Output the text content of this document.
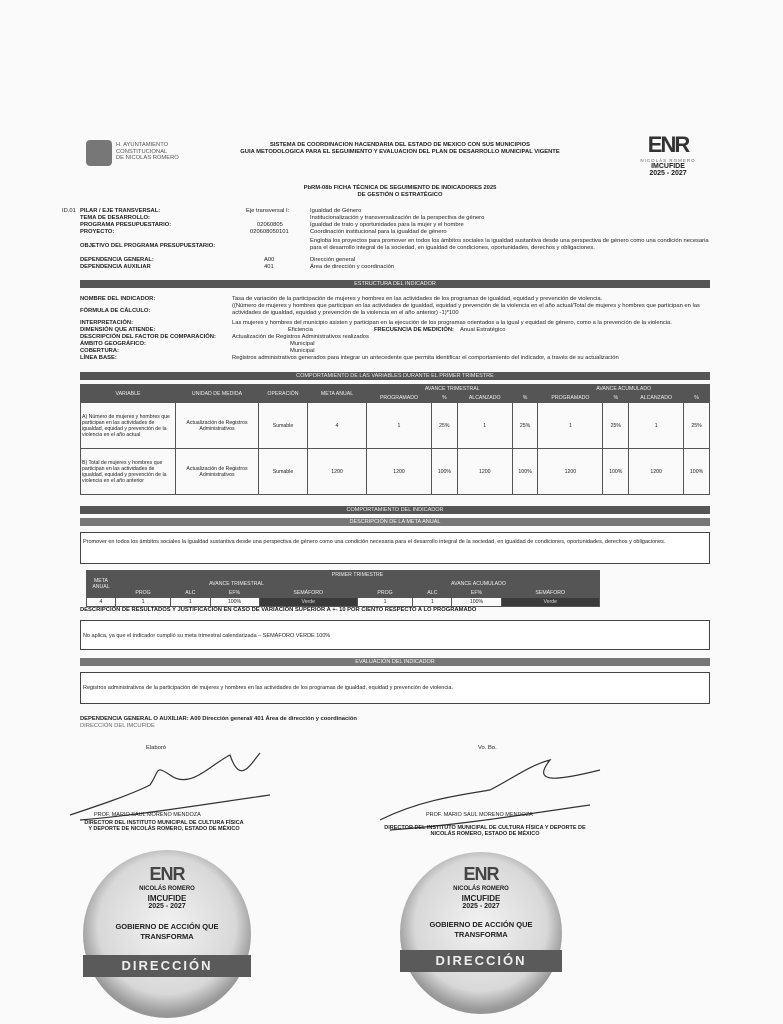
H. AYUNTAMIENTO
CONSTITUCIONAL
DE NICOLÁS ROMERO
SISTEMA DE COORDINACION HACENDARIA DEL ESTADO DE MEXICO CON SUS MUNICIPIOS
GUIA METODOLOGICA PARA EL SEGUIMIENTO Y EVALUACION DEL PLAN DE DESARROLLO MUNICIPAL VIGENTE	ENR
NICOLÁS ROMERO
IMCUFIDE
2025 - 2027
PbRM-08b FICHA TÉCNICA DE SEGUIMIENTO DE INDICADORES 2025
DE GESTIÓN O ESTRATÉGICO
ID.01 PILAR / EJE TRANSVERSAL:	Eje transversal I:	Igualdad de Género
TEMA DE DESARROLLO:	Institucionalización y transversalización de la perspectiva de género
PROGRAMA PRESUPUESTARIO:	02060805	Igualdad de trato y oportunidades para la mujer y el hombre
PROYECTO:	020608050101	Coordinación institucional para la igualdad de género
OBJETIVO DEL PROGRAMA PRESUPUESTARIO:
Engloba los proyectos para promover en todos los ámbitos sociales la igualdad sustantiva desde una perspectiva de género como una condición necesaria para el desarrollo integral de la sociedad, en igualdad de condiciones, oportunidades, derechos y obligaciones.
DEPENDENCIA GENERAL:	A00	Dirección general
DEPENDENCIA AUXILIAR	401	Área de dirección y coordinación
ESTRUCTURA DEL INDICADOR
NOMBRE DEL INDICADOR:	Tasa de variación de la participación de mujeres y hombres en las actividades de los programas de igualdad, equidad y prevención de violencia.
FÓRMULA DE CÁLCULO:
((Número de mujeres y hombres que participan en las actividades de igualdad, equidad y prevención de la violencia en el año actual/Total de mujeres y hombres que participan en las actividades de igualdad, equidad y prevención de la violencia en el año anterior) -1)*100
INTERPRETACIÓN:	Las mujeres y hombres del municipio asisten y participan en la ejecución de los programas orientados a la igual y equidad de género, como a la prevención de la violencia.
DIMENSIÓN QUE ATIENDE:	Eficiencia	FRECUENCIA DE MEDICIÓN: Anual Estratégico
DESCRIPCIÓN DEL FACTOR DE COMPARACIÓN:	Actualización de Registros Administrativos realizados
ÁMBITO GEOGRÁFICO:	Municipal
COBERTURA:	Municipal
LÍNEA BASE:	Registros administrativos generados para integrar un antecedente que permita identificar el comportamiento del indicador, a través de su actualización
COMPORTAMIENTO DE LAS VARIABLES DURANTE EL PRIMER TRIMESTRE
VARIABLE	UNIDAD DE MEDIDA	OPERACIÓN	META ANUAL	AVANCE TRIMESTRAL				AVANCE ACUMULADO			
				PROGRAMADO	%	ALCANZADO	%	PROGRAMADO	%	ALCANZADO	%
A) Número de mujeres y hombres que participan en las actividades de igualdad, equidad y prevención de la violencia en el año actual	Actualización de Registros Administrativos	Sumable	4	1	25%	1	25%	1	25%	1	25%
B) Total de mujeres y hombres que participan en las actividades de igualdad, equidad y prevención de la violencia en el año anterior	Actualización de Registros Administrativos	Sumable	1200	1200	100%	1200	100%	1200	100%	1200	100%
COMPORTAMIENTO DEL INDICADOR
DESCRIPCIÓN DE LA META ANUAL
Promover en todos los ámbitos sociales la igualdad sustantiva desde una perspectiva de género como una condición necesaria para el desarrollo integral de la sociedad, en igualdad de condiciones, oportunidades, derechos y obligaciones.
META ANUAL	PRIMER TRIMESTRE							
	AVANCE TRIMESTRAL				AVANCE ACUMULADO			
	PROG	ALC	EF%	SEMÁFORO	PROG	ALC	EF%	SEMÁFORO
4	1	1	100%	Verde	1	1	100%	Verde
DESCRIPCIÓN DE RESULTADOS Y JUSTIFICACIÓN EN CASO DE VARIACIÓN SUPERIOR A +- 10 POR CIENTO RESPECTO A LO PROGRAMADO
No aplica, ya que el indicador cumplió su meta trimestral calendarizada – SEMÁFORO VERDE 100%
EVALUACIÓN DEL INDICADOR
Registros administrativos de la participación de mujeres y hombres en las actividades de los programas de igualdad, equidad y prevención de violencia.
DEPENDENCIA GENERAL O AUXILIAR: A00 Dirección general/ 401 Área de dirección y coordinación
DIRECCIÓN DEL IMCUFIDE
Elaboró	Vo. Bo.
PROF. MARIO SAUL MORENO MENDOZA
DIRECTOR DEL INSTITUTO MUNICIPAL DE CULTURA FÍSICA Y DEPORTE DE NICOLÁS ROMERO, ESTADO DE MÉXICO
PROF. MARIO SAUL MORENO MENDOZA
DIRECTOR DEL INSTITUTO MUNICIPAL DE CULTURA FÍSICA Y DEPORTE DE NICOLÁS ROMERO, ESTADO DE MÉXICO
ENR
NICOLÁS ROMERO
IMCUFIDE
2025 - 2027
GOBIERNO DE ACCIÓN QUE
TRANSFORMA
DIRECCIÓN
ENR
NICOLÁS ROMERO
IMCUFIDE
2025 - 2027
GOBIERNO DE ACCIÓN QUE
TRANSFORMA
DIRECCIÓN
